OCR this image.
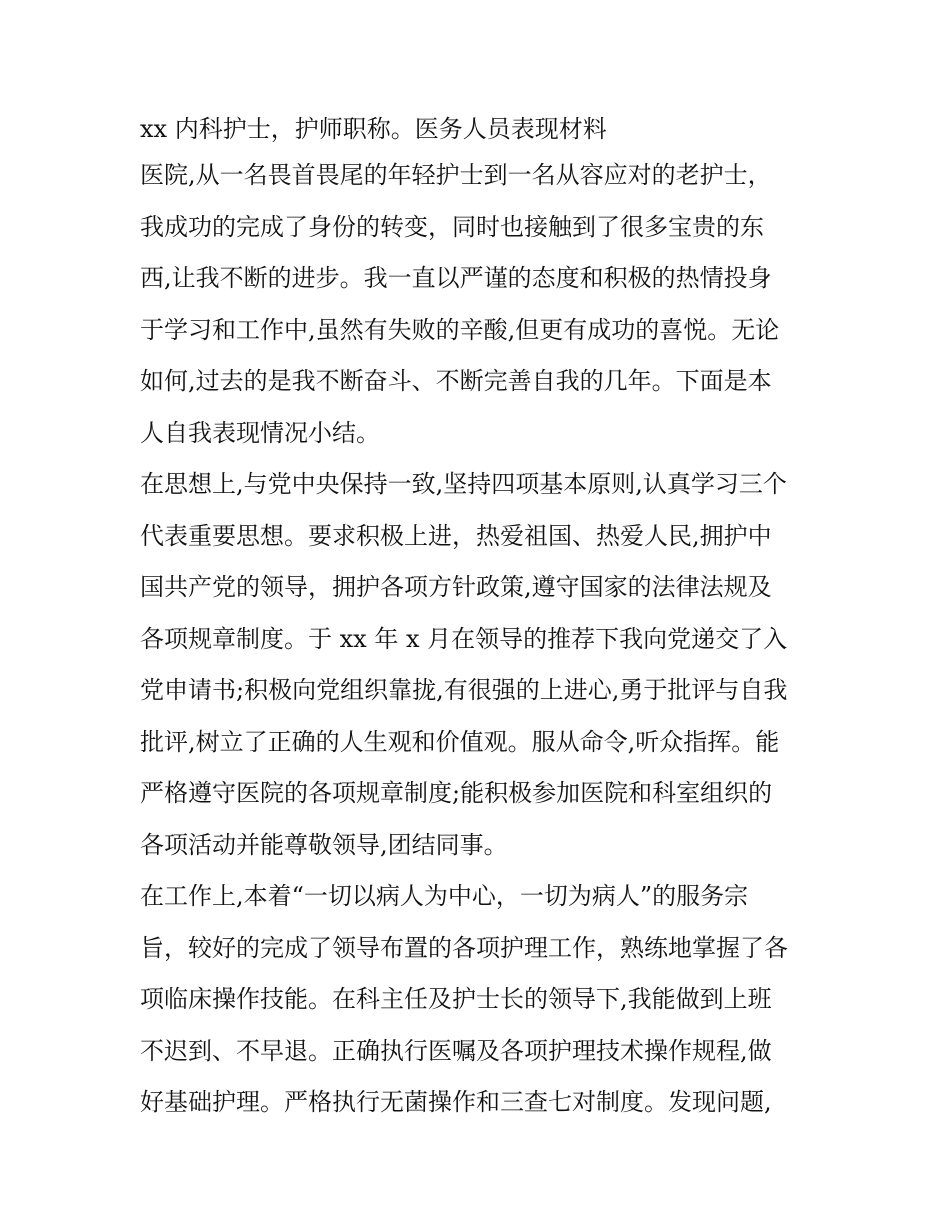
xx 内科护士，护师职称。医务人员表现材料
医院,从一名畏首畏尾的年轻护士到一名从容应对的老护士，
我成功的完成了身份的转变，同时也接触到了很多宝贵的东
西,让我不断的进步。我一直以严谨的态度和积极的热情投身
于学习和工作中,虽然有失败的辛酸,但更有成功的喜悦。无论
如何,过去的是我不断奋斗、不断完善自我的几年。下面是本
人自我表现情况小结。
在思想上,与党中央保持一致,坚持四项基本原则,认真学习三个
代表重要思想。要求积极上进，热爱祖国、热爱人民,拥护中
国共产党的领导，拥护各项方针政策,遵守国家的法律法规及
各项规章制度。于 xx 年 x 月在领导的推荐下我向党递交了入
党申请书;积极向党组织靠拢,有很强的上进心,勇于批评与自我
批评,树立了正确的人生观和价值观。服从命令,听众指挥。能
严格遵守医院的各项规章制度;能积极参加医院和科室组织的
各项活动并能尊敬领导,团结同事。
在工作上,本着“一切以病人为中心，一切为病人”的服务宗
旨，较好的完成了领导布置的各项护理工作，熟练地掌握了各
项临床操作技能。在科主任及护士长的领导下,我能做到上班
不迟到、不早退。正确执行医嘱及各项护理技术操作规程,做
好基础护理。严格执行无菌操作和三查七对制度。发现问题,
